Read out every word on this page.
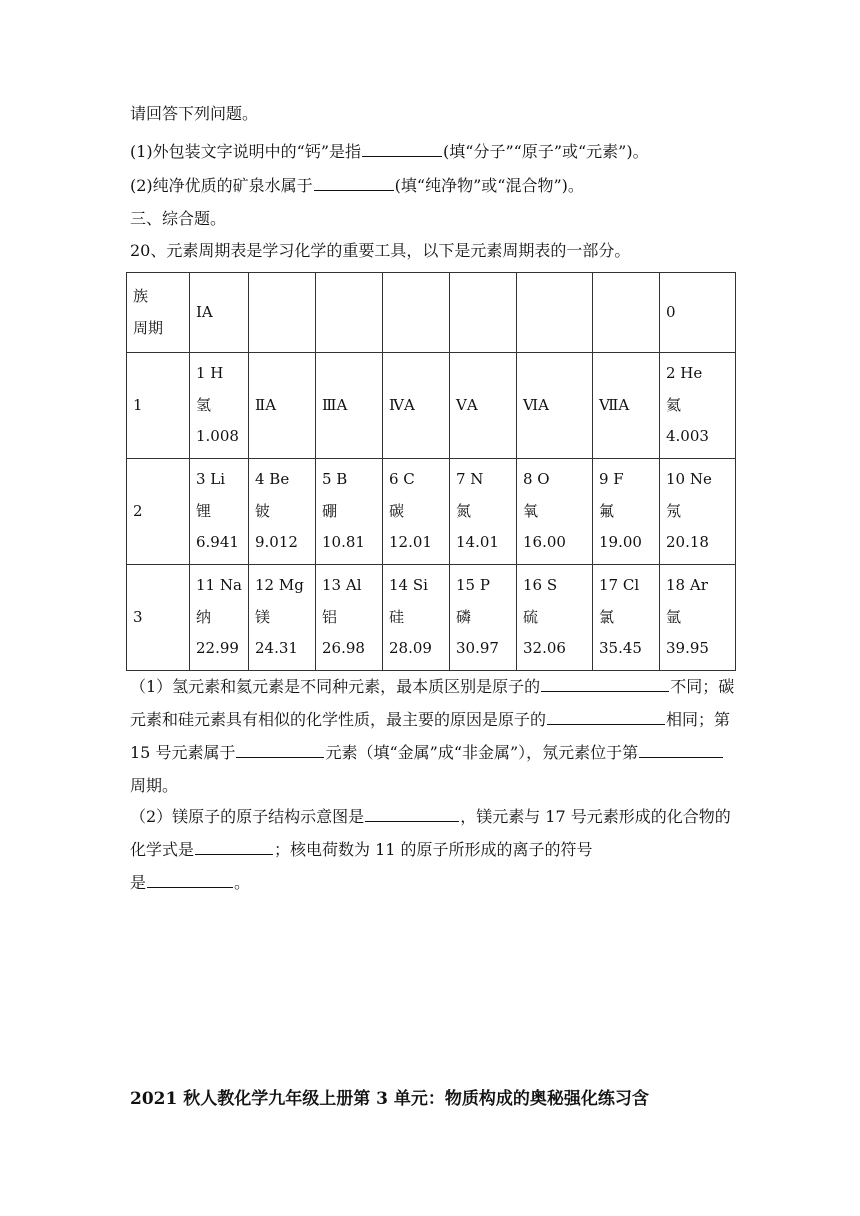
请回答下列问题。
(1)外包装文字说明中的“钙”是指	(填“分子”“原子”或“元素”)。
(2)纯净优质的矿泉水属于	(填“纯净物”或“混合物”)。
三、综合题。
20、元素周期表是学习化学的重要工具，以下是元素周期表的一部分。
族
周期	IA							0
1	1 H
氢
1.008	ⅡA	ⅢA	ⅣA	ⅤA	ⅥA	ⅦA	2 He
氦
4.003

2	3 Li
锂
6.941	4 Be
铍
9.012	5 B
硼
10.81	6 C
碳
12.01	7 N
氮
14.01	8 O
氧
16.00	9 F
氟
19.00	10 Ne
氖
20.18

3	11 Na
纳
22.99	12 Mg
镁
24.31	13 Al
铝
26.98	14 Si
硅
28.09	15 P
磷
30.97	16 S
硫
32.06	17 Cl
氯
35.45	18 Ar
氩
39.95
（1）氢元素和氦元素是不同种元素，最本质区别是原子的	不同；碳元素和硅元素具有相似的化学性质，最主要的原因是原子的	相同；第 15 号元素属于	元素（填“金属”成“非金属”），氖元素位于第周期。
（2）镁原子的原子结构示意图是	，镁元素与 17 号元素形成的化合物的化学式是	；核电荷数为 11 的原子所形成的离子的符号
是	。
2021 秋人教化学九年级上册第 3 单元：物质构成的奥秘强化练习含
